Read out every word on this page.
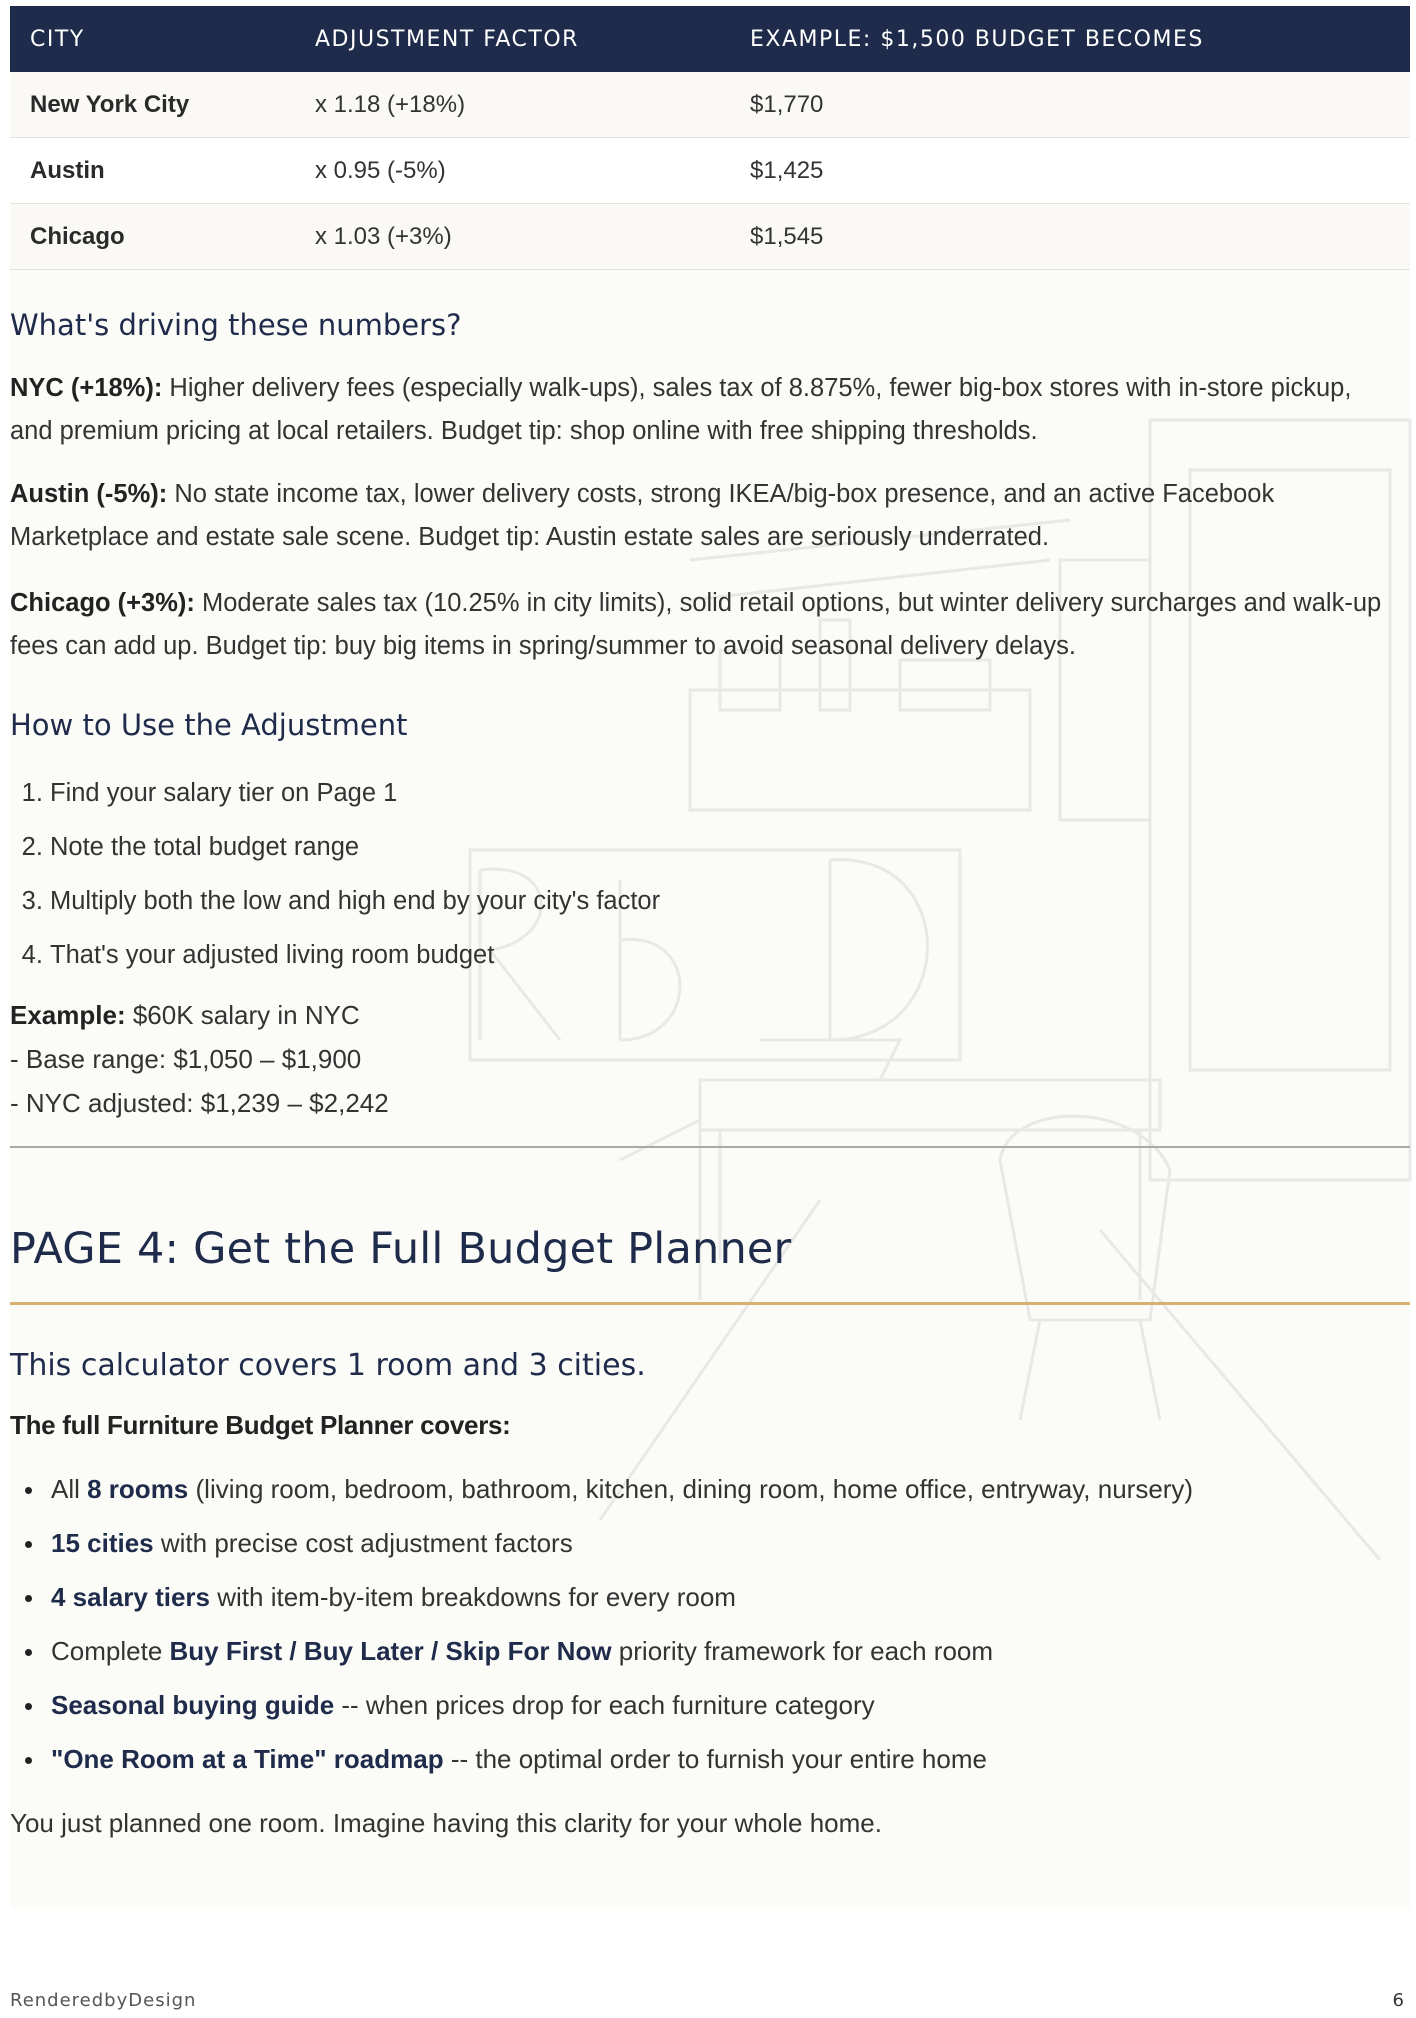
CITY	ADJUSTMENT FACTOR	EXAMPLE: $1,500 BUDGET BECOMES
New York City	x 1.18 (+18%)	$1,770
Austin	x 0.95 (-5%)	$1,425
Chicago	x 1.03 (+3%)	$1,545
What's driving these numbers?

NYC (+18%): Higher delivery fees (especially walk-ups), sales tax of 8.875%, fewer big-box stores with in-store pickup, and premium pricing at local retailers. Budget tip: shop online with free shipping thresholds.

Austin (-5%): No state income tax, lower delivery costs, strong IKEA/big-box presence, and an active Facebook Marketplace and estate sale scene. Budget tip: Austin estate sales are seriously underrated.

Chicago (+3%): Moderate sales tax (10.25% in city limits), solid retail options, but winter delivery surcharges and walk-up fees can add up. Budget tip: buy big items in spring/summer to avoid seasonal delivery delays.

How to Use the Adjustment
1. Find your salary tier on Page 1
2. Note the total budget range
3. Multiply both the low and high end by your city's factor
4. That's your adjusted living room budget
Example: $60K salary in NYC
- Base range: $1,050 – $1,900
- NYC adjusted: $1,239 – $2,242
PAGE 4: Get the Full Budget Planner
This calculator covers 1 room and 3 cities.
The full Furniture Budget Planner covers:
All 8 rooms (living room, bedroom, bathroom, kitchen, dining room, home office, entryway, nursery)
15 cities with precise cost adjustment factors
4 salary tiers with item-by-item breakdowns for every room
Complete Buy First / Buy Later / Skip For Now priority framework for each room
Seasonal buying guide -- when prices drop for each furniture category
"One Room at a Time" roadmap -- the optimal order to furnish your entire home
You just planned one room. Imagine having this clarity for your whole home.
RenderedbyDesign	6
